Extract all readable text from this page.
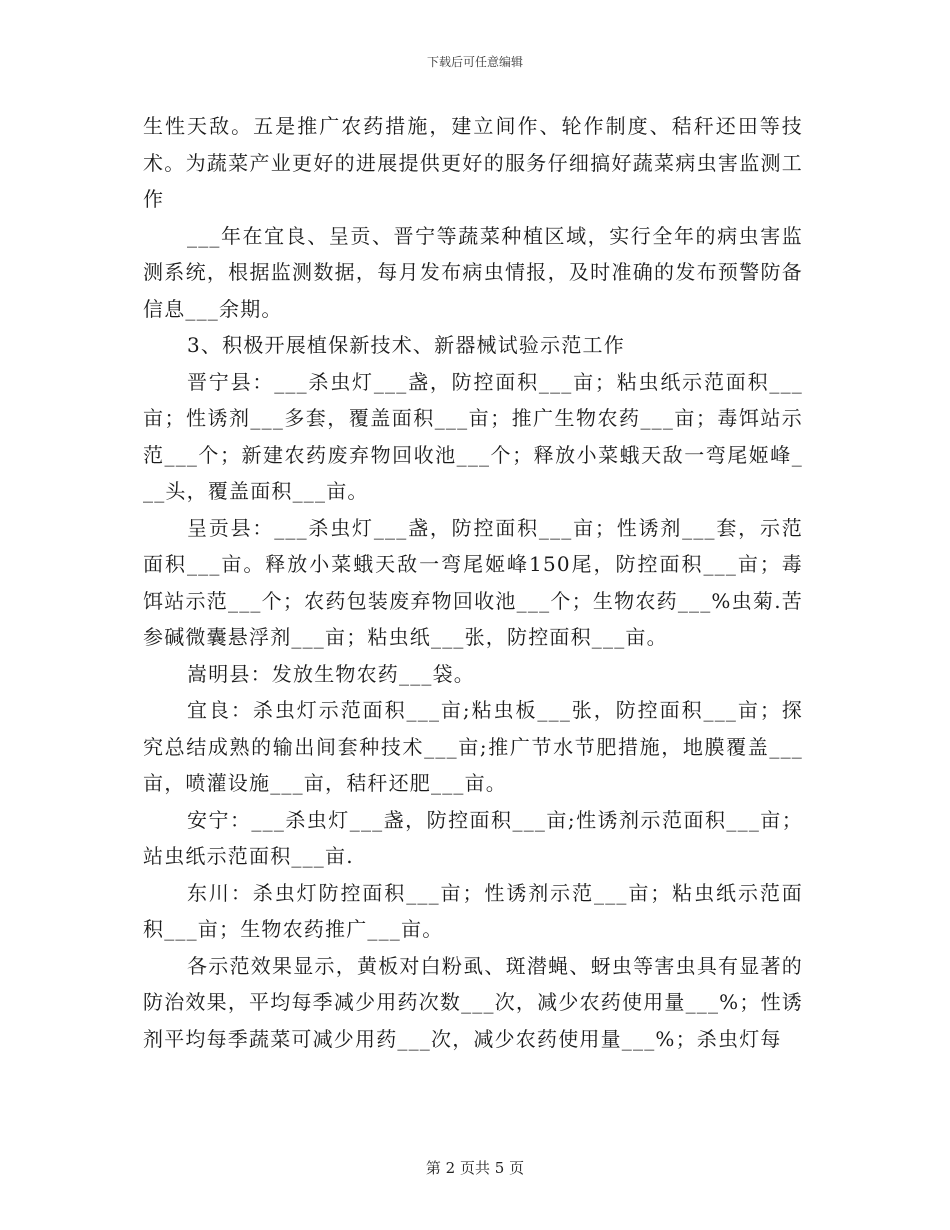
下载后可任意编辑

生性天敌。五是推广农药措施，建立间作、轮作制度、秸秆还田等技术。为蔬菜产业更好的进展提供更好的服务仔细搞好蔬菜病虫害监测工作

___年在宜良、呈贡、晋宁等蔬菜种植区域，实行全年的病虫害监测系统，根据监测数据，每月发布病虫情报，及时准确的发布预警防备信息___余期。

3、积极开展植保新技术、新器械试验示范工作

晋宁县：___杀虫灯___盏，防控面积___亩；粘虫纸示范面积___亩；性诱剂___多套，覆盖面积___亩；推广生物农药___亩；毒饵站示范___个；新建农药废弃物回收池___个；释放小菜蛾天敌一弯尾姬峰___头，覆盖面积___亩。

呈贡县：___杀虫灯___盏，防控面积___亩；性诱剂___套，示范面积___亩。释放小菜蛾天敌一弯尾姬峰150尾，防控面积___亩；毒饵站示范___个；农药包装废弃物回收池___个；生物农药___%虫菊.苦参碱微囊悬浮剂___亩；粘虫纸___张，防控面积___亩。

嵩明县：发放生物农药___袋。

宜良：杀虫灯示范面积___亩;粘虫板___张，防控面积___亩；探究总结成熟的输出间套种技术___亩;推广节水节肥措施，地膜覆盖___亩，喷灌设施___亩，秸秆还肥___亩。

安宁：___杀虫灯___盏，防控面积___亩;性诱剂示范面积___亩；站虫纸示范面积___亩.

东川：杀虫灯防控面积___亩；性诱剂示范___亩；粘虫纸示范面积___亩；生物农药推广___亩。

各示范效果显示，黄板对白粉虱、斑潜蝇、蚜虫等害虫具有显著的防治效果，平均每季减少用药次数___次，减少农药使用量___%；性诱剂平均每季蔬菜可减少用药___次，减少农药使用量___%；杀虫灯每

第 2 页共 5 页
